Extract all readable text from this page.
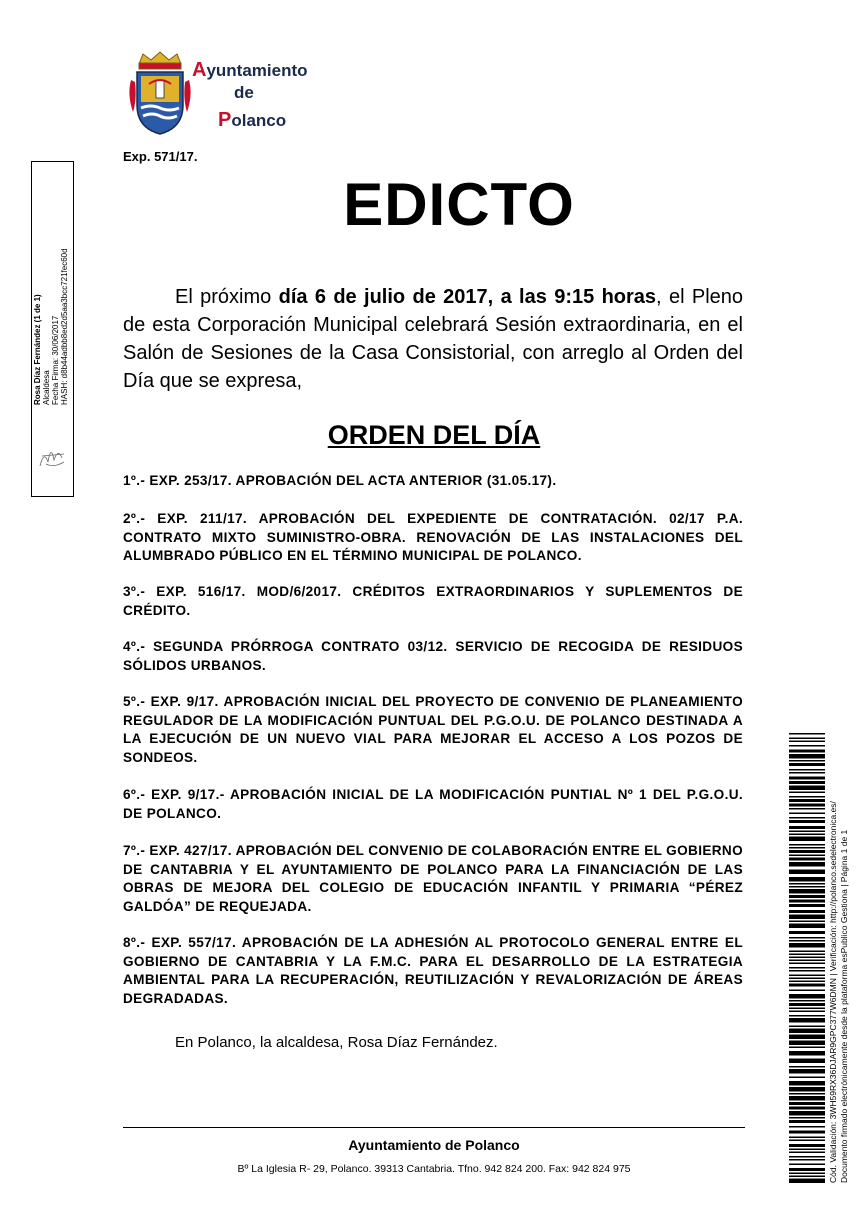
Ayuntamiento
de
Polanco
Exp. 571/17.
EDICTO
El próximo día 6 de julio de 2017, a las 9:15 horas, el Pleno de esta Corporación Municipal celebrará Sesión extraordinaria, en el Salón de Sesiones de la Casa Consistorial, con arreglo al Orden del Día que se expresa,
ORDEN DEL DÍA
1º.- EXP. 253/17. APROBACIÓN DEL ACTA ANTERIOR (31.05.17).
2º.- EXP. 211/17. APROBACIÓN DEL EXPEDIENTE DE CONTRATACIÓN. 02/17 P.A. CONTRATO MIXTO SUMINISTRO-OBRA. RENOVACIÓN DE LAS INSTALACIONES DEL ALUMBRADO PÚBLICO EN EL TÉRMINO MUNICIPAL DE POLANCO.
3º.- EXP. 516/17. MOD/6/2017. CRÉDITOS EXTRAORDINARIOS Y SUPLEMENTOS DE CRÉDITO.
4º.- SEGUNDA PRÓRROGA CONTRATO 03/12. SERVICIO DE RECOGIDA DE RESIDUOS SÓLIDOS URBANOS.
5º.- EXP. 9/17. APROBACIÓN INICIAL DEL PROYECTO DE CONVENIO DE PLANEAMIENTO REGULADOR DE LA MODIFICACIÓN PUNTUAL DEL P.G.O.U. DE POLANCO DESTINADA A LA EJECUCIÓN DE UN NUEVO VIAL PARA MEJORAR EL ACCESO A LOS POZOS DE SONDEOS.
6º.- EXP. 9/17.- APROBACIÓN INICIAL DE LA MODIFICACIÓN PUNTIAL Nº 1 DEL P.G.O.U. DE POLANCO.
7º.- EXP. 427/17. APROBACIÓN DEL CONVENIO DE COLABORACIÓN ENTRE EL GOBIERNO DE CANTABRIA Y EL AYUNTAMIENTO DE POLANCO PARA LA FINANCIACIÓN DE LAS OBRAS DE MEJORA DEL COLEGIO DE EDUCACIÓN INFANTIL Y PRIMARIA “PÉREZ GALDÓA” DE REQUEJADA.
8º.- EXP. 557/17. APROBACIÓN DE LA ADHESIÓN AL PROTOCOLO GENERAL ENTRE EL GOBIERNO DE CANTABRIA Y LA F.M.C. PARA EL DESARROLLO DE LA ESTRATEGIA AMBIENTAL PARA LA RECUPERACIÓN, REUTILIZACIÓN Y REVALORIZACIÓN DE ÁREAS DEGRADADAS.
En Polanco, la alcaldesa, Rosa Díaz Fernández.
Ayuntamiento de Polanco
Bº La Iglesia R- 29, Polanco. 39313 Cantabria. Tfno. 942 824 200. Fax: 942 824 975
Rosa Díaz Fernández (1 de 1) Alcaldesa Fecha Firma: 30/06/2017 HASH: d8b44adbb8ed2d5aa3bcc721fec60d
Cód. Validación: 3WH59RX36DJAR9GPC377W6DMN | Verificación: http://polanco.sedelectronica.es/ Documento firmado electrónicamente desde la plataforma esPublico Gestiona | Página 1 de 1
